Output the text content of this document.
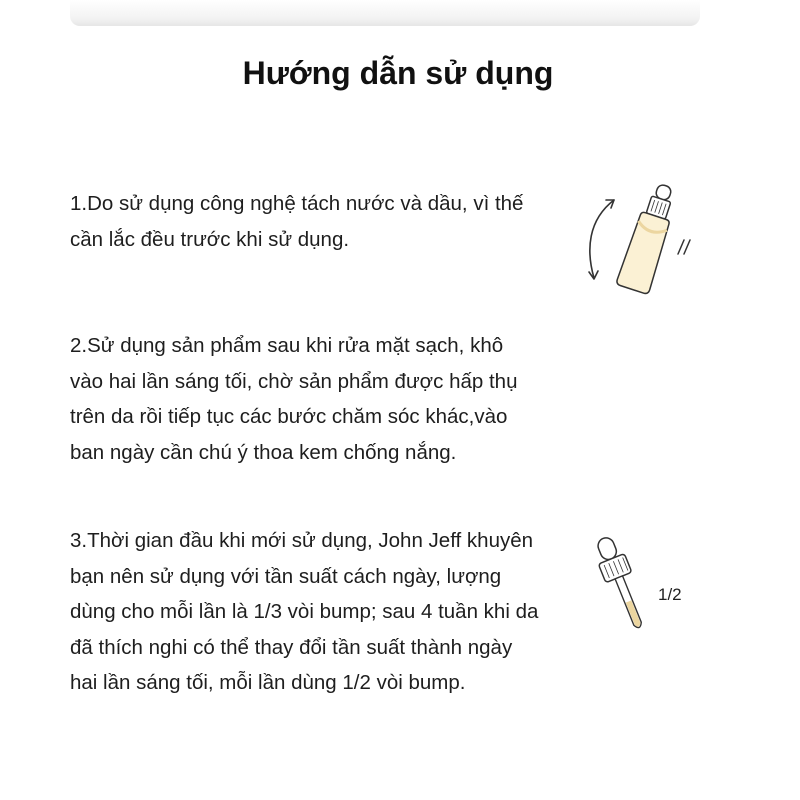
Hướng dẫn sử dụng
1.Do sử dụng công nghệ tách nước và dầu, vì thế cần lắc đều trước khi sử dụng.
2.Sử dụng sản phẩm sau khi rửa mặt sạch, khô vào hai lần sáng tối, chờ sản phẩm được hấp thụ trên da rồi tiếp tục các bước chăm sóc khác,vào ban ngày cần chú ý thoa kem chống nắng.
3.Thời gian đầu khi mới sử dụng, John Jeff khuyên bạn nên sử dụng với tần suất cách ngày, lượng dùng cho mỗi lần là 1/3 vòi bump; sau 4 tuần khi da đã thích nghi có thể thay đổi tần suất thành ngày hai lần sáng tối, mỗi lần dùng 1/2 vòi bump.
1/2
